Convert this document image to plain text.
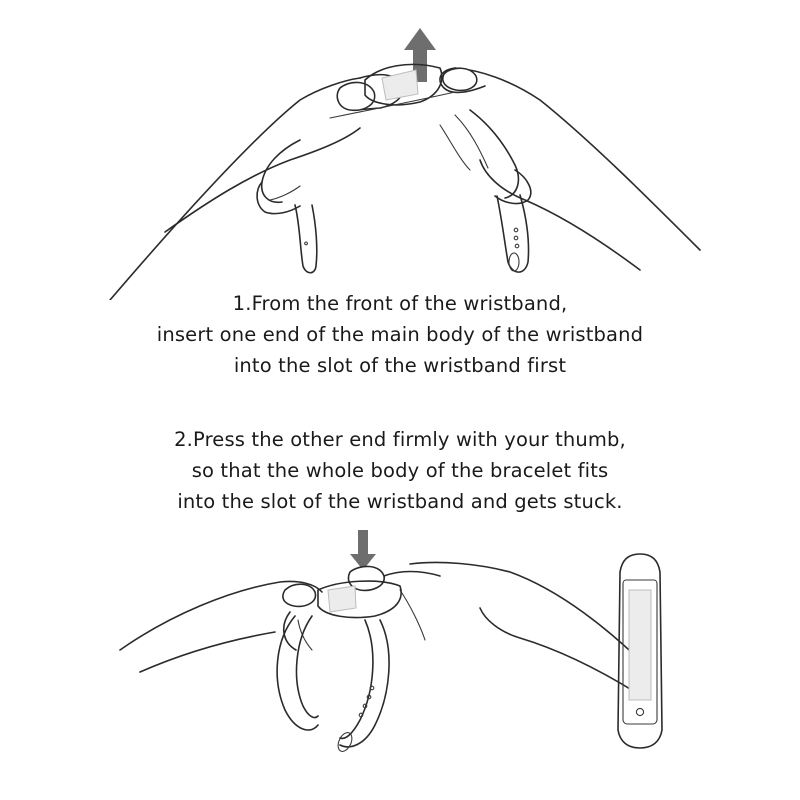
1.From the front of the wristband,
insert one end of the main body of the wristband
into the slot of the wristband first
2.Press the other end firmly with your thumb,
so that the whole body of the bracelet fits
into the slot of the wristband and gets stuck.
